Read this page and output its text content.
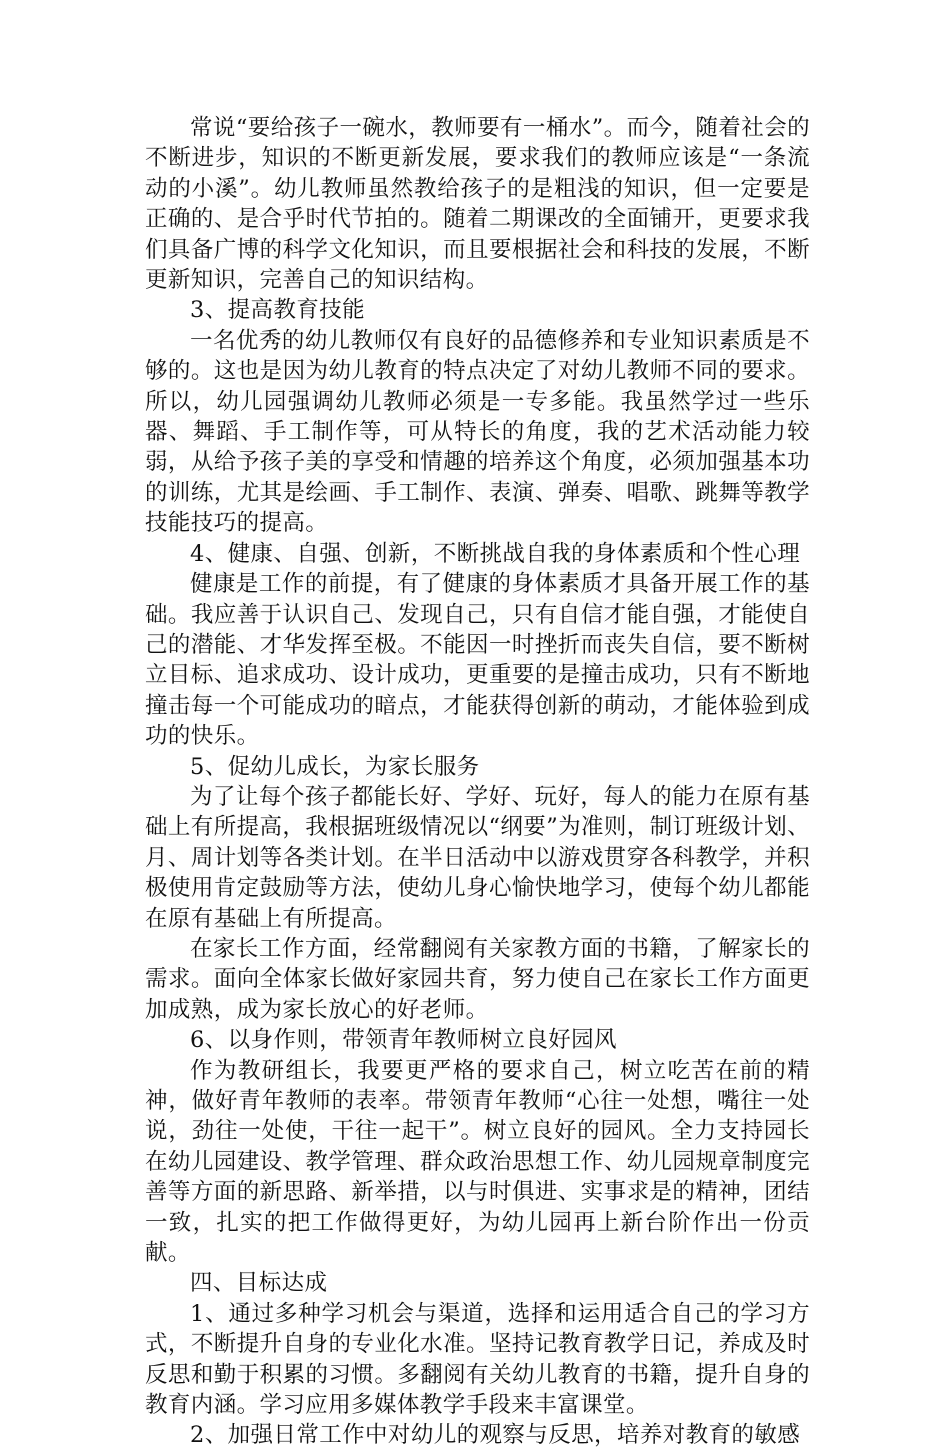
常说“要给孩子一碗水，教师要有一桶水”。而今，随着社会的不断进步，知识的不断更新发展，要求我们的教师应该是“一条流动的小溪”。幼儿教师虽然教给孩子的是粗浅的知识，但一定要是正确的、是合乎时代节拍的。随着二期课改的全面铺开，更要求我们具备广博的科学文化知识，而且要根据社会和科技的发展，不断更新知识，完善自己的知识结构。

3、提高教育技能

一名优秀的幼儿教师仅有良好的品德修养和专业知识素质是不够的。这也是因为幼儿教育的特点决定了对幼儿教师不同的要求。所以，幼儿园强调幼儿教师必须是一专多能。我虽然学过一些乐器、舞蹈、手工制作等，可从特长的角度，我的艺术活动能力较弱，从给予孩子美的享受和情趣的培养这个角度，必须加强基本功的训练，尤其是绘画、手工制作、表演、弹奏、唱歌、跳舞等教学技能技巧的提高。

4、健康、自强、创新，不断挑战自我的身体素质和个性心理

健康是工作的前提，有了健康的身体素质才具备开展工作的基础。我应善于认识自己、发现自己，只有自信才能自强，才能使自己的潜能、才华发挥至极。不能因一时挫折而丧失自信，要不断树立目标、追求成功、设计成功，更重要的是撞击成功，只有不断地撞击每一个可能成功的暗点，才能获得创新的萌动，才能体验到成功的快乐。

5、促幼儿成长，为家长服务

为了让每个孩子都能长好、学好、玩好，每人的能力在原有基础上有所提高，我根据班级情况以“纲要”为准则，制订班级计划、月、周计划等各类计划。在半日活动中以游戏贯穿各科教学，并积极使用肯定鼓励等方法，使幼儿身心愉快地学习，使每个幼儿都能在原有基础上有所提高。

在家长工作方面，经常翻阅有关家教方面的书籍，了解家长的需求。面向全体家长做好家园共育，努力使自己在家长工作方面更加成熟，成为家长放心的好老师。

6、以身作则，带领青年教师树立良好园风

作为教研组长，我要更严格的要求自己，树立吃苦在前的精神，做好青年教师的表率。带领青年教师“心往一处想，嘴往一处说，劲往一处使，干往一起干”。树立良好的园风。全力支持园长在幼儿园建设、教学管理、群众政治思想工作、幼儿园规章制度完善等方面的新思路、新举措，以与时俱进、实事求是的精神，团结一致，扎实的把工作做得更好，为幼儿园再上新台阶作出一份贡献。

四、目标达成

1、通过多种学习机会与渠道，选择和运用适合自己的学习方式，不断提升自身的专业化水准。坚持记教育教学日记，养成及时反思和勤于积累的习惯。多翻阅有关幼儿教育的书籍，提升自身的教育内涵。学习应用多媒体教学手段来丰富课堂。

2、加强日常工作中对幼儿的观察与反思，培养对教育的敏感
